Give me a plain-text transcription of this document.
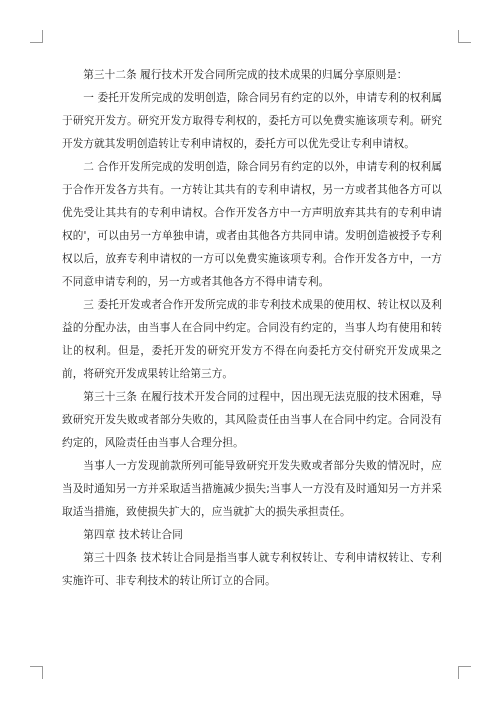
第三十二条 履行技术开发合同所完成的技术成果的归属分享原则是：

一 委托开发所完成的发明创造，除合同另有约定的以外，申请专利的权利属于研究开发方。研究开发方取得专利权的，委托方可以免费实施该项专利。研究开发方就其发明创造转让专利申请权的，委托方可以优先受让专利申请权。

二 合作开发所完成的发明创造，除合同另有约定的以外，申请专利的权利属于合作开发各方共有。一方转让其共有的专利申请权，另一方或者其他各方可以优先受让其共有的专利申请权。合作开发各方中一方声明放弃其共有的专利申请权的'，可以由另一方单独申请，或者由其他各方共同申请。发明创造被授予专利权以后，放弃专利申请权的一方可以免费实施该项专利。合作开发各方中，一方不同意申请专利的，另一方或者其他各方不得申请专利。

三 委托开发或者合作开发所完成的非专利技术成果的使用权、转让权以及利益的分配办法，由当事人在合同中约定。合同没有约定的，当事人均有使用和转让的权利。但是，委托开发的研究开发方不得在向委托方交付研究开发成果之前，将研究开发成果转让给第三方。

第三十三条 在履行技术开发合同的过程中，因出现无法克服的技术困难，导致研究开发失败或者部分失败的，其风险责任由当事人在合同中约定。合同没有约定的，风险责任由当事人合理分担。

当事人一方发现前款所列可能导致研究开发失败或者部分失败的情况时，应当及时通知另一方并采取适当措施减少损失;当事人一方没有及时通知另一方并采取适当措施，致使损失扩大的，应当就扩大的损失承担责任。

第四章 技术转让合同

第三十四条 技术转让合同是指当事人就专利权转让、专利申请权转让、专利实施许可、非专利技术的转让所订立的合同。
